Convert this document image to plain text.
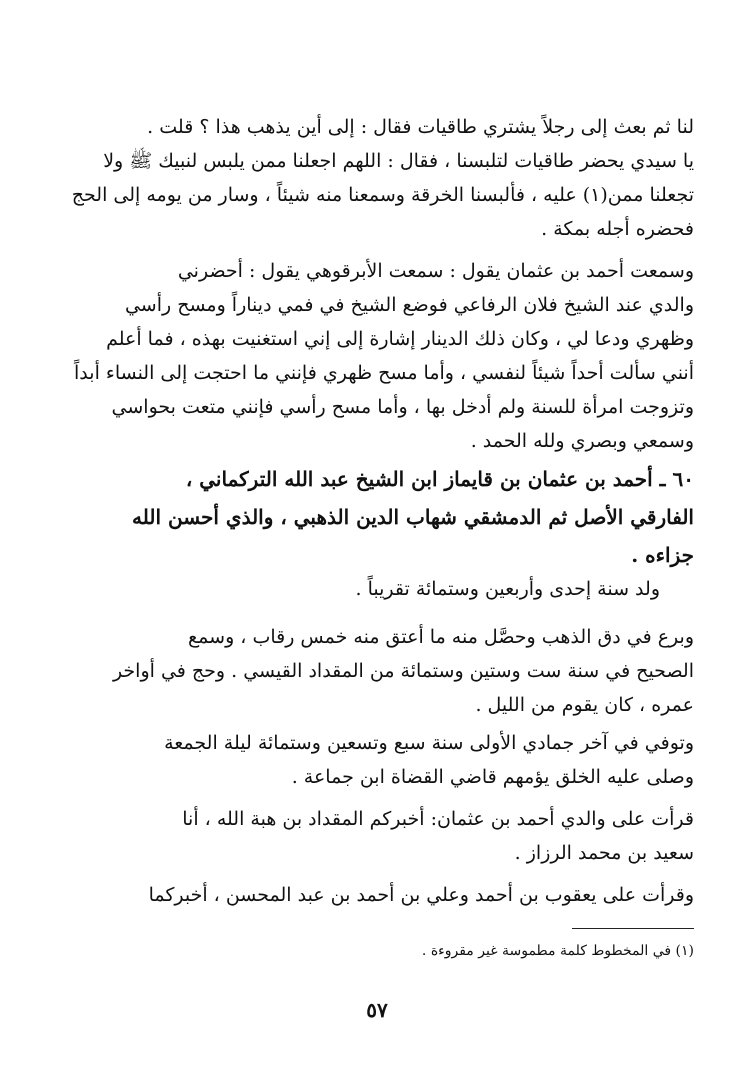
لنا ثم بعث إلى رجلاً يشتري طاقيات فقال : إلى أين يذهب هذا ؟ قلت .
يا سيدي يحضر طاقيات لتلبسنا ، فقال : اللهم اجعلنا ممن يلبس لنبيك ﷺ ولا
تجعلنا ممن(١) عليه ، فألبسنا الخرقة وسمعنا منه شيئاً ، وسار من يومه إلى الحج
فحضره أجله بمكة .
وسمعت أحمد بن عثمان يقول : سمعت الأبرقوهي يقول : أحضرني
والدي عند الشيخ فلان الرفاعي فوضع الشيخ في فمي ديناراً ومسح رأسي
وظهري ودعا لي ، وكان ذلك الدينار إشارة إلى إني استغنيت بهذه ، فما أعلم
أنني سألت أحداً شيئاً لنفسي ، وأما مسح ظهري فإنني ما احتجت إلى النساء أبداً
وتزوجت امرأة للسنة ولم أدخل بها ، وأما مسح رأسي فإنني متعت بحواسي
وسمعي وبصري ولله الحمد .
٦٠ ـ أحمد بن عثمان بن قايماز ابن الشيخ عبد الله التركماني ،
الفارقي الأصل ثم الدمشقي شهاب الدين الذهبي ، والذي أحسن الله
جزاءه .
ولد سنة إحدى وأربعين وستمائة تقريباً .
وبرع في دق الذهب وحصَّل منه ما أعتق منه خمس رقاب ، وسمع
الصحيح في سنة ست وستين وستمائة من المقداد القيسي . وحج في أواخر
عمره ، كان يقوم من الليل .
وتوفي في آخر جمادي الأولى سنة سبع وتسعين وستمائة ليلة الجمعة
وصلى عليه الخلق يؤمهم قاضي القضاة ابن جماعة .
قرأت على والدي أحمد بن عثمان: أخبركم المقداد بن هبة الله ، أنا
سعيد بن محمد الرزاز .
وقرأت على يعقوب بن أحمد وعلي بن أحمد بن عبد المحسن ، أخبركما
(١) في المخطوط كلمة مطموسة غير مقروءة .
٥٧
